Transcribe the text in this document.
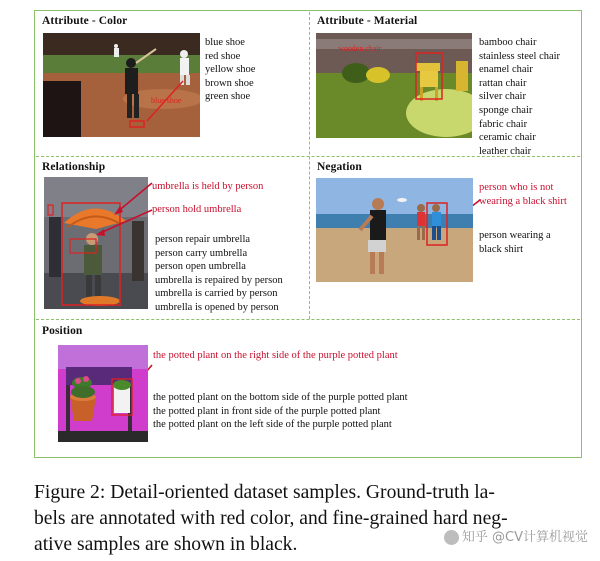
Attribute - Color
blue shoe
blue shoe
red shoe
yellow shoe
brown shoe
green shoe
Attribute - Material
wooden chair
bamboo chair
stainless steel chair
enamel chair
rattan chair
silver chair
sponge chair
fabric chair
ceramic chair
leather chair
Relationship
umbrella is held by person
person hold umbrella
person repair umbrella
person carry umbrella
person open umbrella
umbrella is repaired by person
umbrella is carried by person
umbrella is opened by person
Negation
person who is not
wearing a black shirt
person wearing a
black shirt
Position
the potted plant on the right side of the purple potted plant
the potted plant on the bottom side of the purple potted plant
the potted plant in front side of the purple potted plant
the potted plant on the left side of the purple potted plant
Figure 2: Detail-oriented dataset samples. Ground-truth la-
bels are annotated with red color, and fine-grained hard neg-
ative samples are shown in black.	知乎 @CV计算机视觉
